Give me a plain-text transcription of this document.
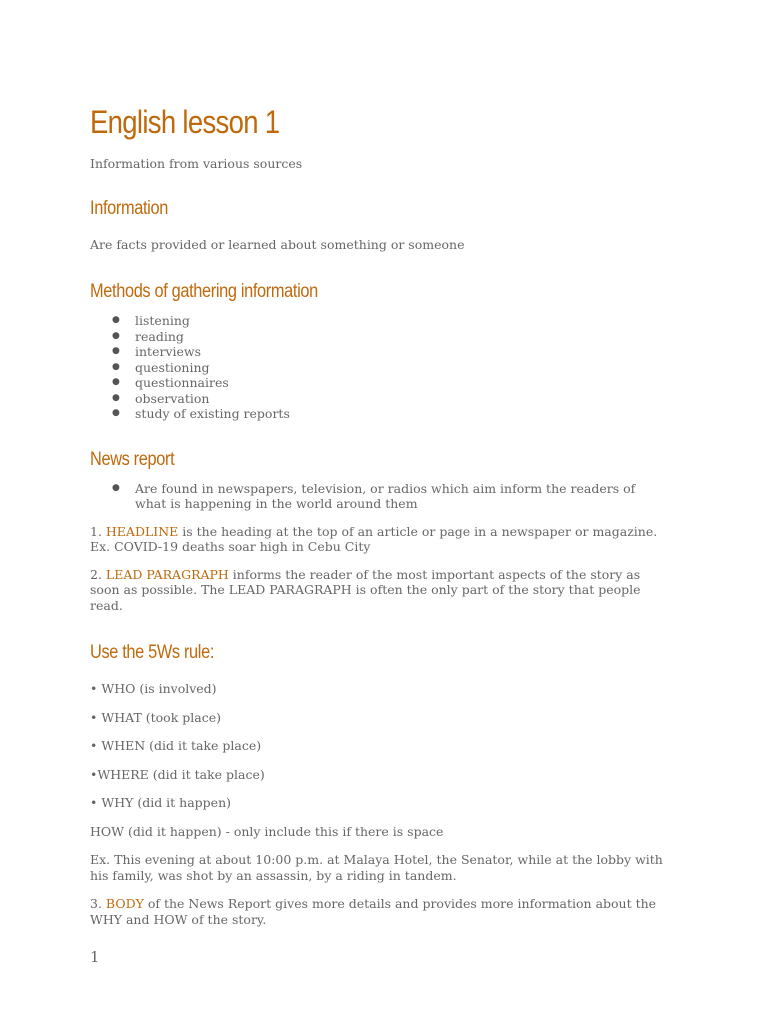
English lesson 1

Information from various sources

Information

Are facts provided or learned about something or someone

Methods of gathering information
● listening
● reading
● interviews
● questioning
● questionnaires
● observation
● study of existing reports
News report
● Are found in newspapers, television, or radios which aim inform the readers of what is happening in the world around them

1. HEADLINE is the heading at the top of an article or page in a newspaper or magazine. Ex. COVID-19 deaths soar high in Cebu City

2. LEAD PARAGRAPH informs the reader of the most important aspects of the story as soon as possible. The LEAD PARAGRAPH is often the only part of the story that people read.

Use the 5Ws rule:

• WHO (is involved)

• WHAT (took place)

• WHEN (did it take place)

•WHERE (did it take place)

• WHY (did it happen)

HOW (did it happen) - only include this if there is space

Ex. This evening at about 10:00 p.m. at Malaya Hotel, the Senator, while at the lobby with his family, was shot by an assassin, by a riding in tandem.

3. BODY of the News Report gives more details and provides more information about the WHY and HOW of the story.

1
